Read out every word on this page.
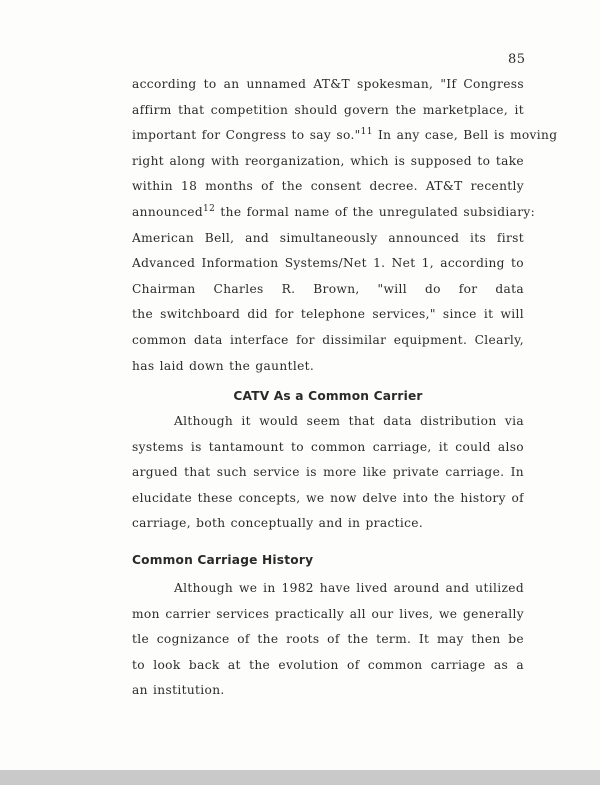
85
according to an unnamed AT&T spokesman, "If Congress
affirm that competition should govern the marketplace, it
important for Congress to say so."$^{11}$ In any case, Bell is moving
right along with reorganization, which is supposed to take
within 18 months of the consent decree. AT&T recently
announced$^{12}$ the formal name of the unregulated subsidiary:
American Bell, and simultaneously announced its first
Advanced Information Systems/Net 1. Net 1, according to
Chairman Charles R. Brown, "will do for data
the switchboard did for telephone services," since it will
common data interface for dissimilar equipment. Clearly,
has laid down the gauntlet.
CATV As a Common Carrier
Although it would seem that data distribution via
systems is tantamount to common carriage, it could also
argued that such service is more like private carriage. In
elucidate these concepts, we now delve into the history of
carriage, both conceptually and in practice.
Common Carriage History
Although we in 1982 have lived around and utilized
mon carrier services practically all our lives, we generally
tle cognizance of the roots of the term. It may then be
to look back at the evolution of common carriage as a
an institution.
